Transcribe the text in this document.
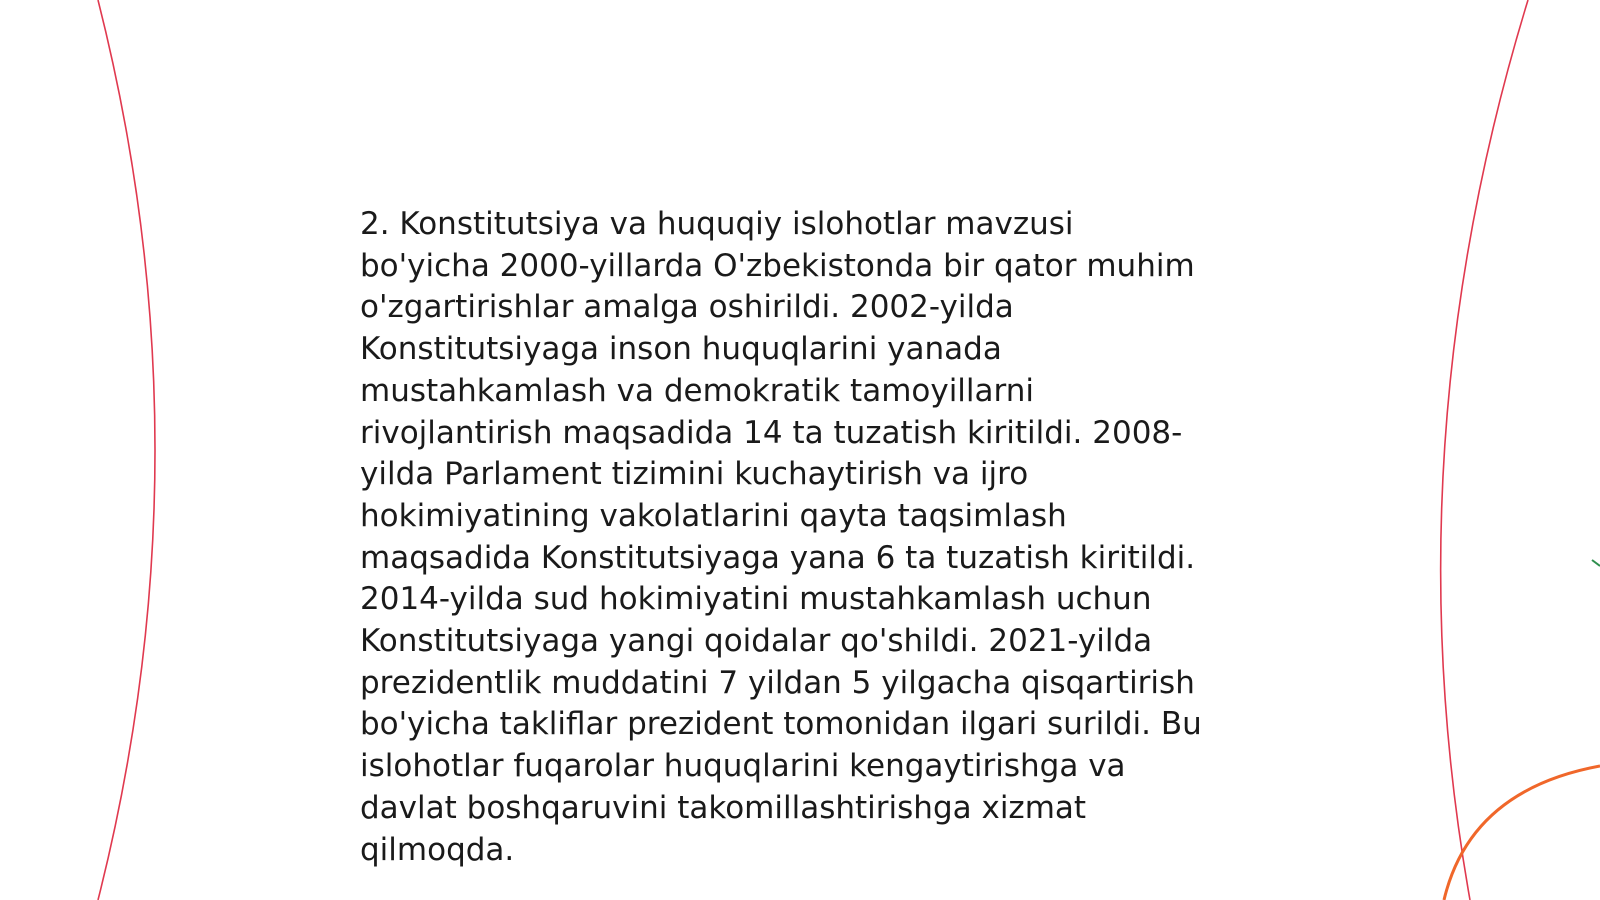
2. Konstitutsiya va huquqiy islohotlar mavzusi
bo'yicha 2000-yillarda O'zbekistonda bir qator muhim
o'zgartirishlar amalga oshirildi. 2002-yilda
Konstitutsiyaga inson huquqlarini yanada
mustahkamlash va demokratik tamoyillarni
rivojlantirish maqsadida 14 ta tuzatish kiritildi. 2008-
yilda Parlament tizimini kuchaytirish va ijro
hokimiyatining vakolatlarini qayta taqsimlash
maqsadida Konstitutsiyaga yana 6 ta tuzatish kiritildi.
2014-yilda sud hokimiyatini mustahkamlash uchun
Konstitutsiyaga yangi qoidalar qo'shildi. 2021-yilda
prezidentlik muddatini 7 yildan 5 yilgacha qisqartirish
bo'yicha takliflar prezident tomonidan ilgari surildi. Bu
islohotlar fuqarolar huquqlarini kengaytirishga va
davlat boshqaruvini takomillashtirishga xizmat
qilmoqda.
